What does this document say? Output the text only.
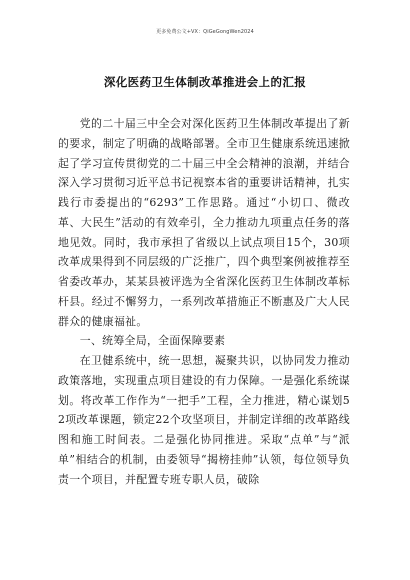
更多免费公文+VX：QiGeGongWen2024
深化医药卫生体制改革推进会上的汇报

党的二十届三中全会对深化医药卫生体制改革提出了新的要求，制定了明确的战略部署。全市卫生健康系统迅速掀起了学习宣传贯彻党的二十届三中全会精神的浪潮，并结合深入学习贯彻习近平总书记视察本省的重要讲话精神，扎实践行市委提出的“6293”工作思路。通过“小切口、微改革、大民生”活动的有效牵引，全力推动九项重点任务的落地见效。同时，我市承担了省级以上试点项目15个，30项改革成果得到不同层级的广泛推广，四个典型案例被推荐至省委改革办，某某县被评选为全省深化医药卫生体制改革标杆县。经过不懈努力，一系列改革措施正不断惠及广大人民群众的健康福祉。

一、统筹全局，全面保障要素

在卫健系统中，统一思想，凝聚共识，以协同发力推动政策落地，实现重点项目建设的有力保障。一是强化系统谋划。将改革工作作为“一把手”工程，全力推进，精心谋划52项改革课题，锁定22个攻坚项目，并制定详细的改革路线图和施工时间表。二是强化协同推进。采取“点单”与“派单”相结合的机制，由委领导“揭榜挂帅”认领，每位领导负责一个项目，并配置专班专职人员，破除
